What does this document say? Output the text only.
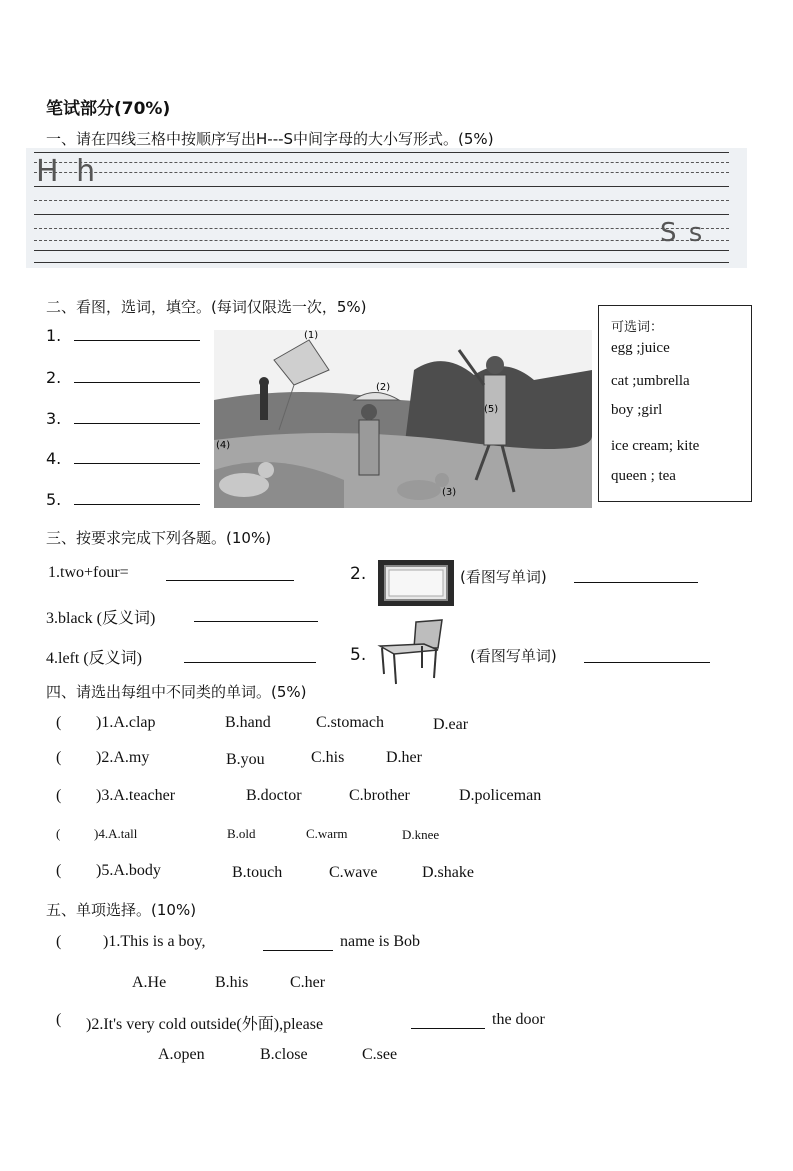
笔试部分(70%)
一、请在四线三格中按顺序写出H---S中间字母的大小写形式。(5%)
H h
S s
二、看图，选词，填空。(每词仅限选一次，5%)
1.
2.
3.
4.
5.
(1)
(2)
(3)
(4)
(5)
可选词：
egg ;juice
cat ;umbrella
boy ;girl
ice cream; kite
queen ; tea
三、按要求完成下列各题。(10%)
1.two+four=	2.	(看图写单词)
3.black (反义词)
4.left (反义词)	5.	(看图写单词)
四、请选出每组中不同类的单词。(5%)
( )1.A.clap	B.hand	C.stomach	D.ear
( )2.A.my	B.you	C.his	D.her
( )3.A.teacher	B.doctor	C.brother	D.policeman
(	)4.A.tall	B.old	C.warm	D.knee
( )5.A.body	B.touch	C.wave	D.shake
五、单项选择。(10%)
(	)1.This is a boy,	name is Bob
A.He	B.his	C.her
( )2.It's very cold outside(外面),please	the door
A.open	B.close	C.see
